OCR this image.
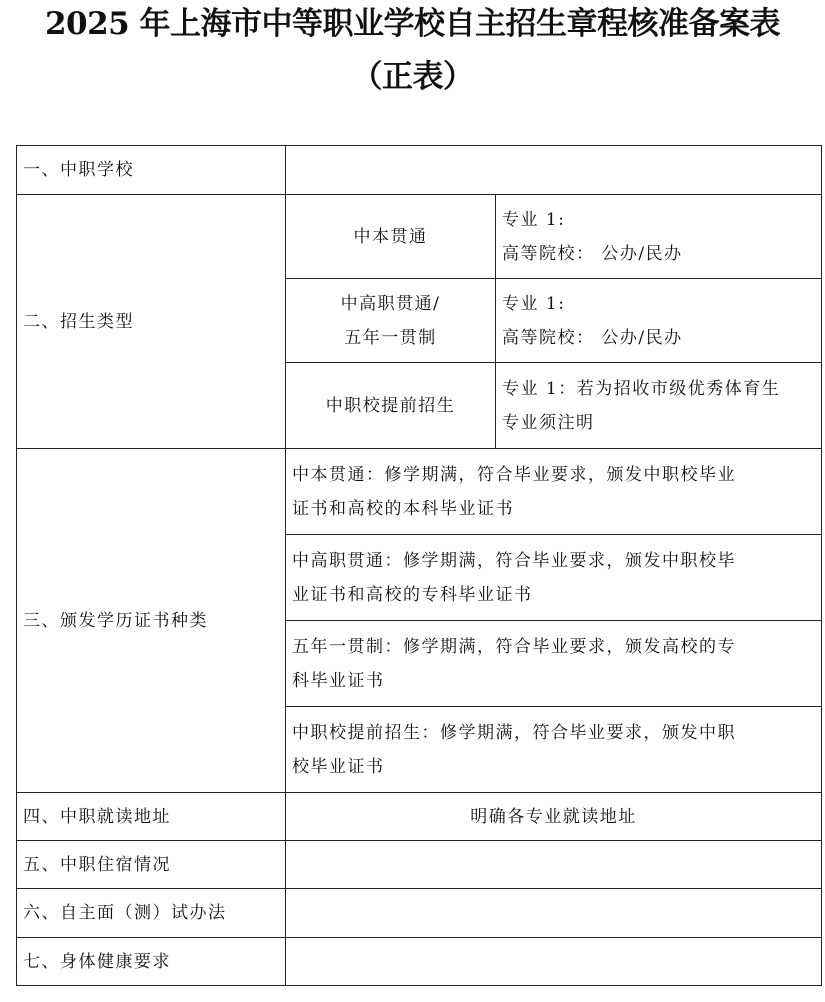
2025 年上海市中等职业学校自主招生章程核准备案表
（正表）
一、中职学校		
二、招生类型	中本贯通	专业 1:
高等院校： 公办/民办

	中高职贯通/
五年一贯制	专业 1:
高等院校： 公办/民办

	中职校提前招生	专业 1：若为招收市级优秀体育生
专业须注明

三、颁发学历证书种类	中本贯通：修学期满，符合毕业要求，颁发中职校毕业
证书和高校的本科毕业证书	

	中高职贯通：修学期满，符合毕业要求，颁发中职校毕
业证书和高校的专科毕业证书	

	五年一贯制：修学期满，符合毕业要求，颁发高校的专
科毕业证书	

	中职校提前招生：修学期满，符合毕业要求，颁发中职
校毕业证书	

四、中职就读地址	明确各专业就读地址	
五、中职住宿情况		
六、自主面（测）试办法		
七、身体健康要求		
